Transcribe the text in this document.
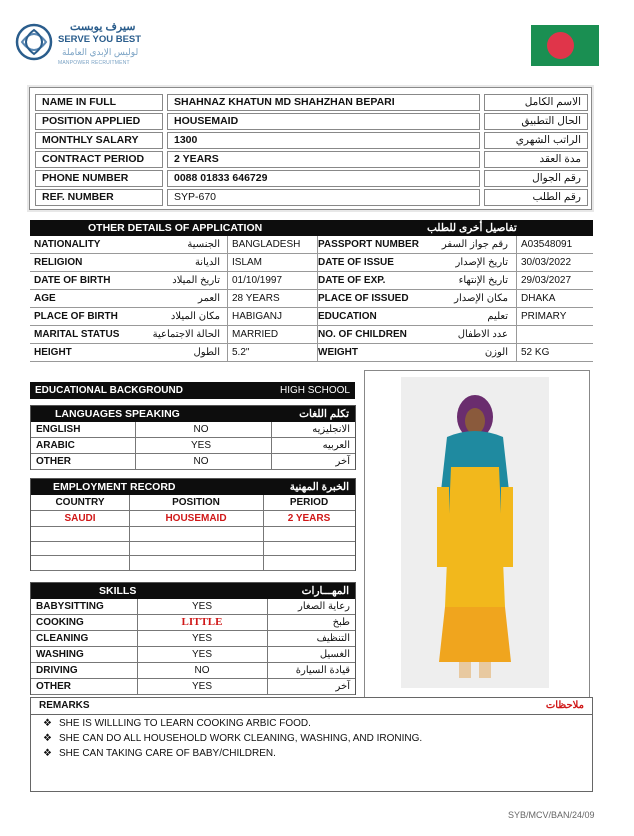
سيرف يوبست
SERVE YOU BEST
لوليس الإبدي العاملة
MANPOWER RECRUITMENT
NAME IN FULL	SHAHNAZ KHATUN MD SHAHZHAN BEPARI	الاسم الكامل
POSITION APPLIED	HOUSEMAID	الحال التطبيق
MONTHLY SALARY	1300	الراتب الشهري
CONTRACT PERIOD	2 YEARS	مدة العقد
PHONE NUMBER	0088 01833 646729	رقم الجوال
REF. NUMBER	SYP-670	رقم الطلب
OTHER DETAILS OF APPLICATION	تفاصيل أخرى للطلب
NATIONALITY	الجنسية	BANGLADESH PASSPORT NUMBER	رقم جواز السفر	A03548091
RELIGION	الديانة	ISLAM	DATE OF ISSUE	تاريخ الإصدار	30/03/2022
DATE OF BIRTH	تاريخ الميلاد	01/10/1997	DATE OF EXP.	تاريخ الإنتهاء	29/03/2027
AGE	العمر	28 YEARS	PLACE OF ISSUED	مكان الإصدار	DHAKA
PLACE OF BIRTH	مكان الميلاد	HABIGANJ	EDUCATION	تعليم	PRIMARY
MARITAL STATUS	الحالة الاجتماعية	MARRIED	NO. OF CHILDREN	عدد الاطفال
HEIGHT	الطول	5.2"	WEIGHT	الوزن	52 KG
EDUCATIONAL BACKGROUND	HIGH SCHOOL
LANGUAGES SPEAKING	تكلم اللغات
ENGLISH	NO	الانجليزيه
ARABIC	YES	العربيه
OTHER	NO	آخر
EMPLOYMENT RECORD	الخبرة المهنية
COUNTRY	POSITION	PERIOD
SAUDI	HOUSEMAID	2 YEARS
SKILLS	المهـــارات
BABYSITTING	YES	رعاية الصغار
COOKING	LITTLE	طبخ
CLEANING	YES	التنظيف
WASHING	YES	الغسيل
DRIVING	NO	قيادة السيارة
OTHER	YES	آخر
REMARKS	ملاحظات
❖ SHE IS WILLLING TO LEARN COOKING ARBIC FOOD.
❖ SHE CAN DO ALL HOUSEHOLD WORK CLEANING, WASHING, AND IRONING.
❖ SHE CAN TAKING CARE OF BABY/CHILDREN.
SYB/MCV/BAN/24/09
